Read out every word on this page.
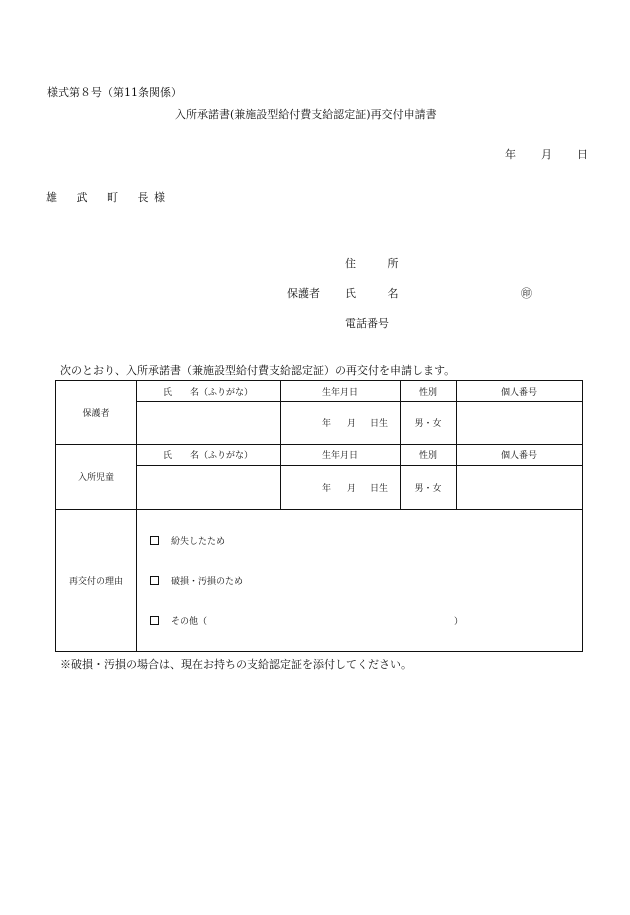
様式第８号（第11条関係）
入所承諾書(兼施設型給付費支給認定証)再交付申請書
年 月 日
雄 武 町 長
様
住 所
保護者 氏 名	㊞
電話番号
次のとおり、入所承諾書（兼施設型給付費支給認定証）の再交付を申請します。
保護者
氏　　名（ふりがな）	生年月日	性別	個人番号
年 月 日生	男・女
入所児童
氏　　名（ふりがな）	生年月日	性別	個人番号
年 月 日生	男・女
再交付の理由
紛失したため
破損・汚損のため
その他（	）
※破損・汚損の場合は、現在お持ちの支給認定証を添付してください。
